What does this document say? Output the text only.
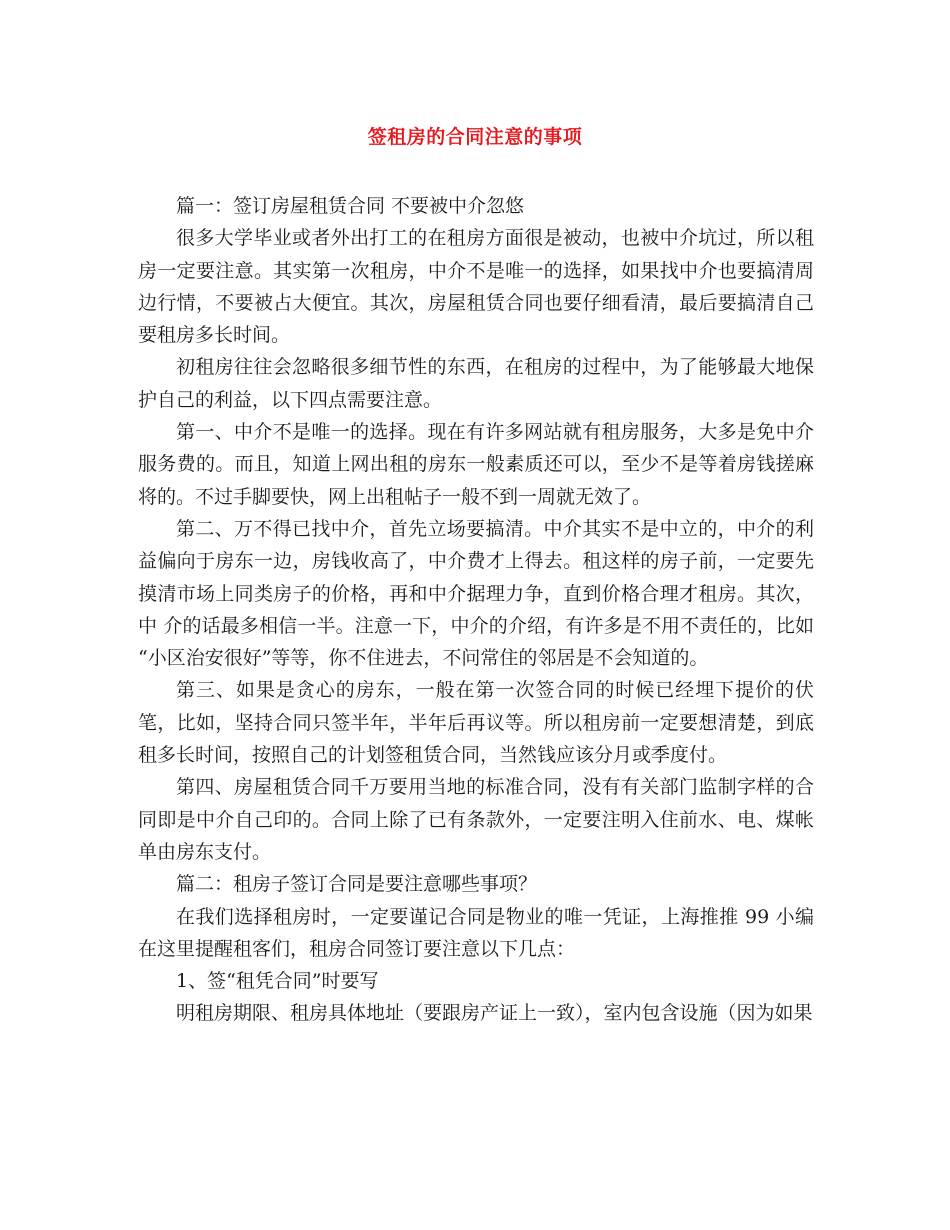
签租房的合同注意的事项

篇一：签订房屋租赁合同 不要被中介忽悠

很多大学毕业或者外出打工的在租房方面很是被动，也被中介坑过，所以租房一定要注意。其实第一次租房，中介不是唯一的选择，如果找中介也要搞清周边行情，不要被占大便宜。其次，房屋租赁合同也要仔细看清，最后要搞清自己要租房多长时间。

初租房往往会忽略很多细节性的东西，在租房的过程中，为了能够最大地保护自己的利益，以下四点需要注意。

第一、中介不是唯一的选择。现在有许多网站就有租房服务，大多是免中介服务费的。而且，知道上网出租的房东一般素质还可以，至少不是等着房钱搓麻将的。不过手脚要快，网上出租帖子一般不到一周就无效了。

第二、万不得已找中介，首先立场要搞清。中介其实不是中立的，中介的利益偏向于房东一边，房钱收高了，中介费才上得去。租这样的房子前，一定要先摸清市场上同类房子的价格，再和中介据理力争，直到价格合理才租房。其次，中 介的话最多相信一半。注意一下，中介的介绍，有许多是不用不责任的，比如 “小区治安很好”等等，你不住进去，不问常住的邻居是不会知道的。

第三、如果是贪心的房东，一般在第一次签合同的时候已经埋下提价的伏笔，比如，坚持合同只签半年，半年后再议等。所以租房前一定要想清楚，到底租多长时间，按照自己的计划签租赁合同，当然钱应该分月或季度付。

第四、房屋租赁合同千万要用当地的标准合同，没有有关部门监制字样的合同即是中介自己印的。合同上除了已有条款外，一定要注明入住前水、电、煤帐 单由房东支付。

篇二：租房子签订合同是要注意哪些事项？

在我们选择租房时，一定要谨记合同是物业的唯一凭证，上海推推 99 小编在这里提醒租客们，租房合同签订要注意以下几点：

1、签“租凭合同”时要写

明租房期限、租房具体地址（要跟房产证上一致），室内包含设施（因为如果
